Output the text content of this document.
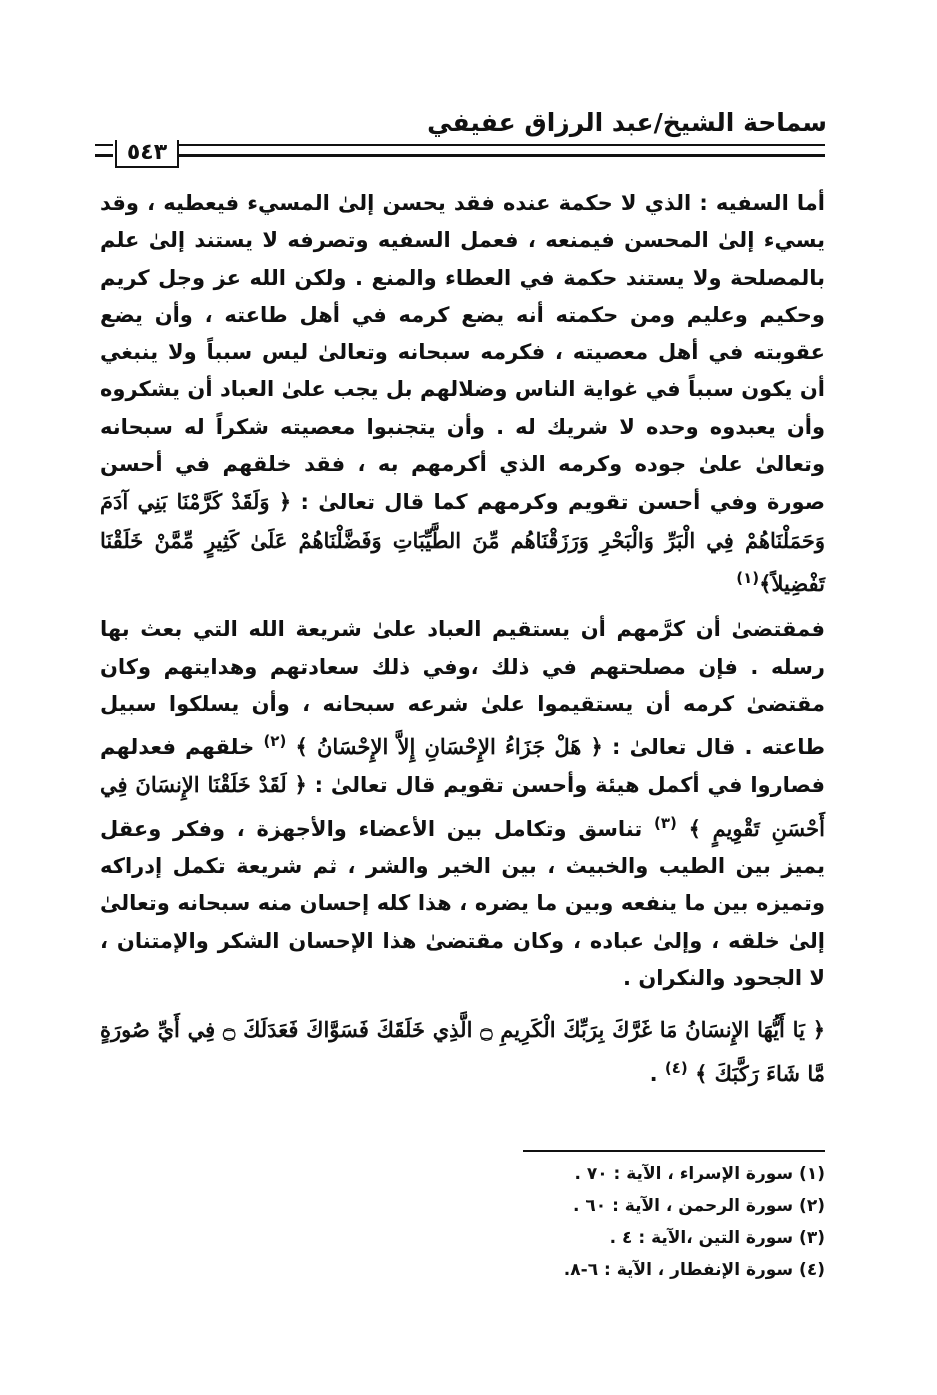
سماحة الشيخ/عبد الرزاق عفيفي
٥٤٣

أما السفيه : الذي لا حكمة عنده فقد يحسن إلىٰ المسيء فيعطيه ، وقد يسيء إلىٰ المحسن فيمنعه ، فعمل السفيه وتصرفه لا يستند إلىٰ علم بالمصلحة ولا يستند حكمة في العطاء والمنع . ولكن الله عز وجل كريم وحكيم وعليم ومن حكمته أنه يضع كرمه في أهل طاعته ، وأن يضع عقوبته في أهل معصيته ، فكرمه سبحانه وتعالىٰ ليس سبباً ولا ينبغي أن يكون سبباً في غواية الناس وضلالهم بل يجب علىٰ العباد أن يشكروه وأن يعبدوه وحده لا شريك له . وأن يتجنبوا معصيته شكراً له سبحانه وتعالىٰ علىٰ جوده وكرمه الذي أكرمهم به ، فقد خلقهم في أحسن صورة وفي أحسن تقويم وكرمهم كما قال تعالىٰ : ﴿ وَلَقَدْ كَرَّمْنَا بَنِي آدَمَ وَحَمَلْنَاهُمْ فِي الْبَرِّ وَالْبَحْرِ وَرَزَقْنَاهُم مِّنَ الطَّيِّبَاتِ وَفَضَّلْنَاهُمْ عَلَىٰ كَثِيرٍ مِّمَّنْ خَلَقْنَا تَفْضِيلاً﴾$^{(١)}$

فمقتضىٰ أن كرَّمهم أن يستقيم العباد علىٰ شريعة الله التي بعث بها رسله . فإن مصلحتهم في ذلك ،وفي ذلك سعادتهم وهدايتهم وكان مقتضىٰ كرمه أن يستقيموا علىٰ شرعه سبحانه ، وأن يسلكوا سبيل طاعته . قال تعالىٰ : ﴿ هَلْ جَزَاءُ الإِحْسَانِ إِلاَّ الإِحْسَانُ ﴾ $^{(٢)}$ خلقهم فعدلهم فصاروا في أكمل هيئة وأحسن تقويم قال تعالىٰ : ﴿ لَقَدْ خَلَقْنَا الإِنسَانَ فِي أَحْسَنِ تَقْوِيمٍ ﴾ $^{(٣)}$ تناسق وتكامل بين الأعضاء والأجهزة ، وفكر وعقل يميز بين الطيب والخبيث ، بين الخير والشر ، ثم شريعة تكمل إدراكه وتميزه بين ما ينفعه وبين ما يضره ، هذا كله إحسان منه سبحانه وتعالىٰ إلىٰ خلقه ، وإلىٰ عباده ، وكان مقتضىٰ هذا الإحسان الشكر والإمتنان ، لا الجحود والنكران .

﴿ يَا أَيُّهَا الإِنسَانُ مَا غَرَّكَ بِرَبِّكَ الْكَرِيمِ ۝ الَّذِي خَلَقَكَ فَسَوَّاكَ فَعَدَلَكَ ۝ فِي أَيِّ صُورَةٍ مَّا شَاءَ رَكَّبَكَ ﴾ $^{(٤)}$ .

(١) سورة الإسراء ، الآية : ٧٠ .
(٢) سورة الرحمن ، الآية : ٦٠ .
(٣) سورة التين ،الآية : ٤ .
(٤) سورة الإنفطار ، الآية : ٦-٨.
